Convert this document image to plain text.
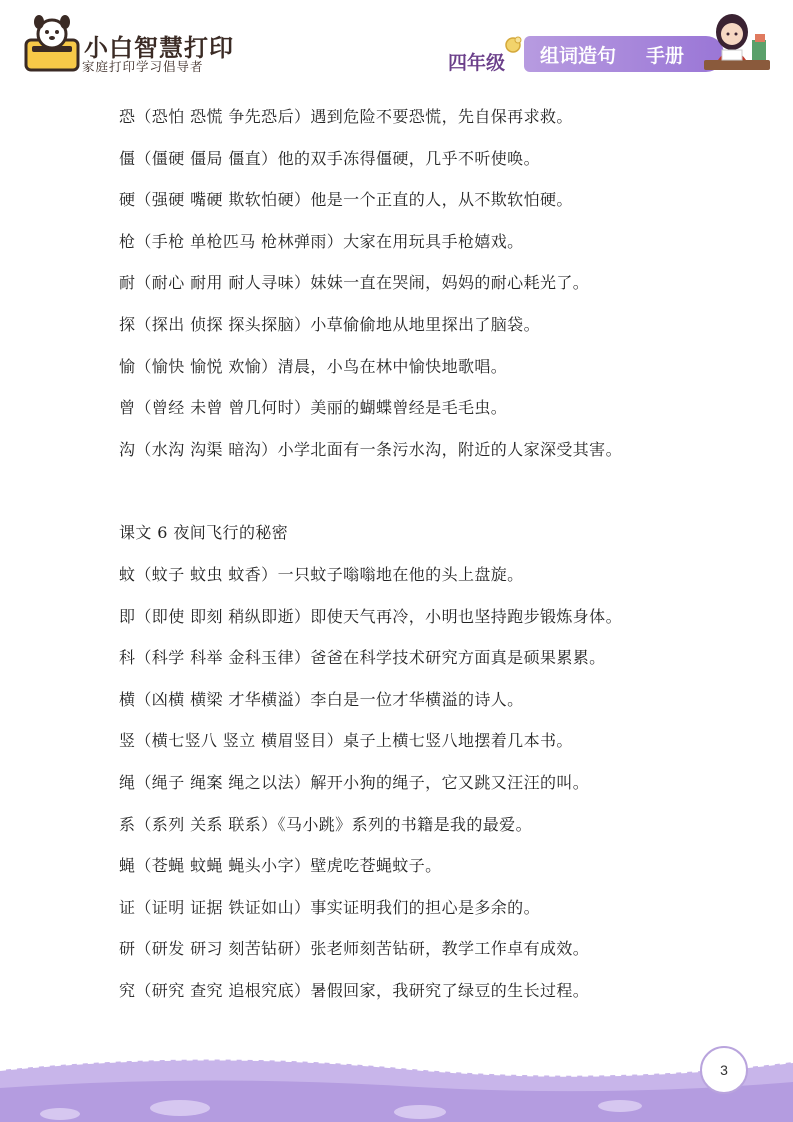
小白智慧打印
家庭打印学习倡导者	四年级 组词造句 手册
恐（恐怕 恐慌 争先恐后）遇到危险不要恐慌，先自保再求救。
僵（僵硬 僵局 僵直）他的双手冻得僵硬，几乎不听使唤。
硬（强硬 嘴硬 欺软怕硬）他是一个正直的人，从不欺软怕硬。
枪（手枪 单枪匹马 枪林弹雨）大家在用玩具手枪嬉戏。
耐（耐心 耐用 耐人寻味）妹妹一直在哭闹，妈妈的耐心耗光了。
探（探出 侦探 探头探脑）小草偷偷地从地里探出了脑袋。
愉（愉快 愉悦 欢愉）清晨，小鸟在林中愉快地歌唱。
曾（曾经 未曾 曾几何时）美丽的蝴蝶曾经是毛毛虫。
沟（水沟 沟渠 暗沟）小学北面有一条污水沟，附近的人家深受其害。
课文 6 夜间飞行的秘密
蚊（蚊子 蚊虫 蚊香）一只蚊子嗡嗡地在他的头上盘旋。
即（即使 即刻 稍纵即逝）即使天气再冷，小明也坚持跑步锻炼身体。
科（科学 科举 金科玉律）爸爸在科学技术研究方面真是硕果累累。
横（凶横 横梁 才华横溢）李白是一位才华横溢的诗人。
竖（横七竖八 竖立 横眉竖目）桌子上横七竖八地摆着几本书。
绳（绳子 绳案 绳之以法）解开小狗的绳子，它又跳又汪汪的叫。
系（系列 关系 联系）《马小跳》系列的书籍是我的最爱。
蝇（苍蝇 蚊蝇 蝇头小字）壁虎吃苍蝇蚊子。
证（证明 证据 铁证如山）事实证明我们的担心是多余的。
研（研发 研习 刻苦钻研）张老师刻苦钻研，教学工作卓有成效。
究（研究 查究 追根究底）暑假回家，我研究了绿豆的生长过程。
3
